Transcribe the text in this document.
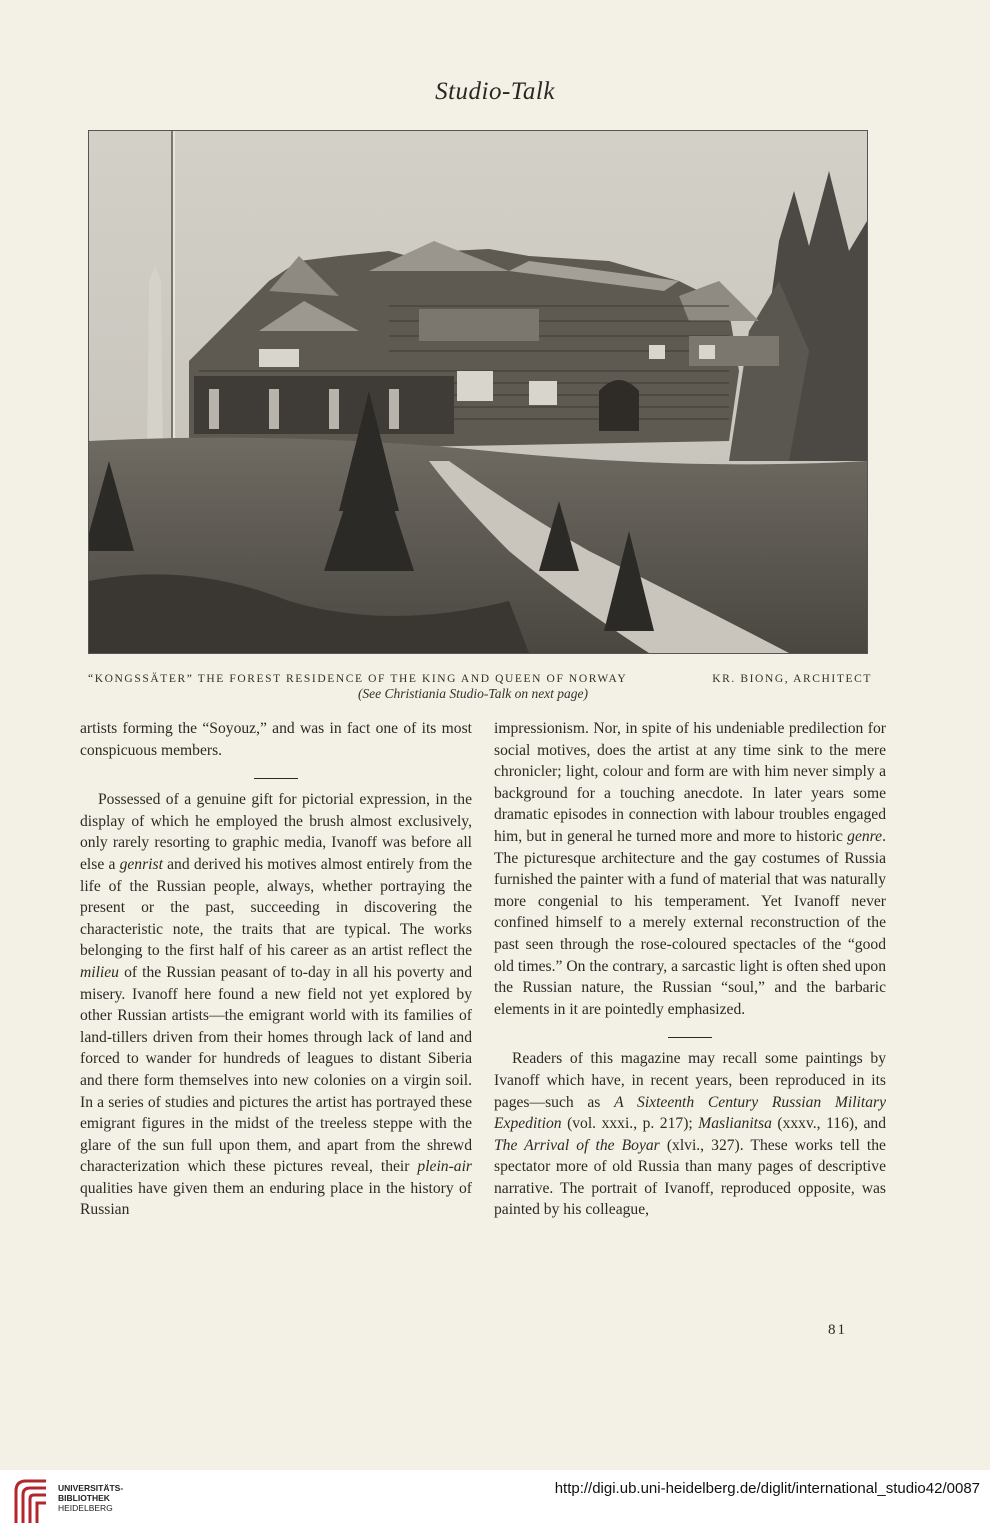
Studio-Talk
“KONGSSÄTER” THE FOREST RESIDENCE OF THE KING AND QUEEN OF NORWAY	KR. BIONG, ARCHITECT
(See Christiania Studio-Talk on next page)

artists forming the “Soyouz,” and was in fact one of its most conspicuous members.

Possessed of a genuine gift for pictorial expression, in the display of which he employed the brush almost exclusively, only rarely resorting to graphic media, Ivanoff was before all else a genrist and derived his motives almost entirely from the life of the Russian people, always, whether portraying the present or the past, succeeding in discovering the characteristic note, the traits that are typical. The works belonging to the first half of his career as an artist reflect the milieu of the Russian peasant of to-day in all his poverty and misery. Ivanoff here found a new field not yet explored by other Russian artists—the emigrant world with its families of land-tillers driven from their homes through lack of land and forced to wander for hundreds of leagues to distant Siberia and there form themselves into new colonies on a virgin soil. In a series of studies and pictures the artist has portrayed these emigrant figures in the midst of the treeless steppe with the glare of the sun full upon them, and apart from the shrewd characterization which these pictures reveal, their plein-air qualities have given them an enduring place in the history of Russian

impressionism. Nor, in spite of his undeniable predilection for social motives, does the artist at any time sink to the mere chronicler; light, colour and form are with him never simply a background for a touching anecdote. In later years some dramatic episodes in connection with labour troubles engaged him, but in general he turned more and more to historic genre. The picturesque architecture and the gay costumes of Russia furnished the painter with a fund of material that was naturally more congenial to his temperament. Yet Ivanoff never confined himself to a merely external reconstruction of the past seen through the rose-coloured spectacles of the “good old times.” On the contrary, a sarcastic light is often shed upon the Russian nature, the Russian “soul,” and the barbaric elements in it are pointedly emphasized.

Readers of this magazine may recall some paintings by Ivanoff which have, in recent years, been reproduced in its pages—such as A Sixteenth Century Russian Military Expedition (vol. xxxi., p. 217); Maslianitsa (xxxv., 116), and The Arrival of the Boyar (xlvi., 327). These works tell the spectator more of old Russia than many pages of descriptive narrative. The portrait of Ivanoff, reproduced opposite, was painted by his colleague,

81
UNIVERSITÄTS-
BIBLIOTHEK
HEIDELBERG
http://digi.ub.uni-heidelberg.de/diglit/international_studio42/0087
